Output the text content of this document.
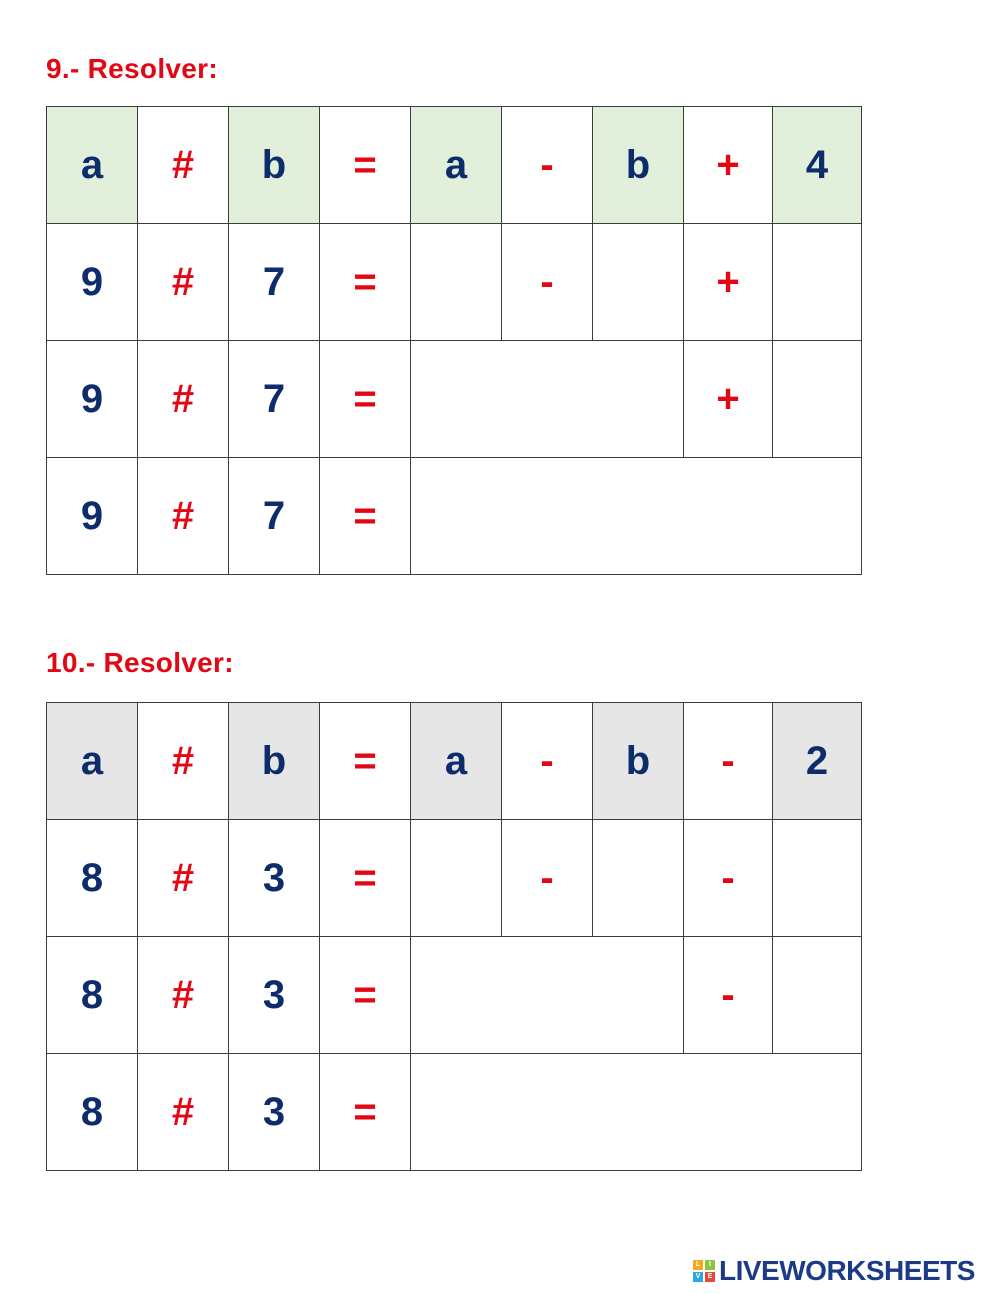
9.- Resolver:
a	#	b	=	a	-	b	+	4
9	#	7	=		-		+	
9	#	7	=				+	
9	#	7	=					
10.- Resolver:
a	#	b	=	a	-	b	-	2
8	#	3	=		-		-	
8	#	3	=				-	
8	#	3	=					
L	I
V	E LIVEWORKSHEETS
